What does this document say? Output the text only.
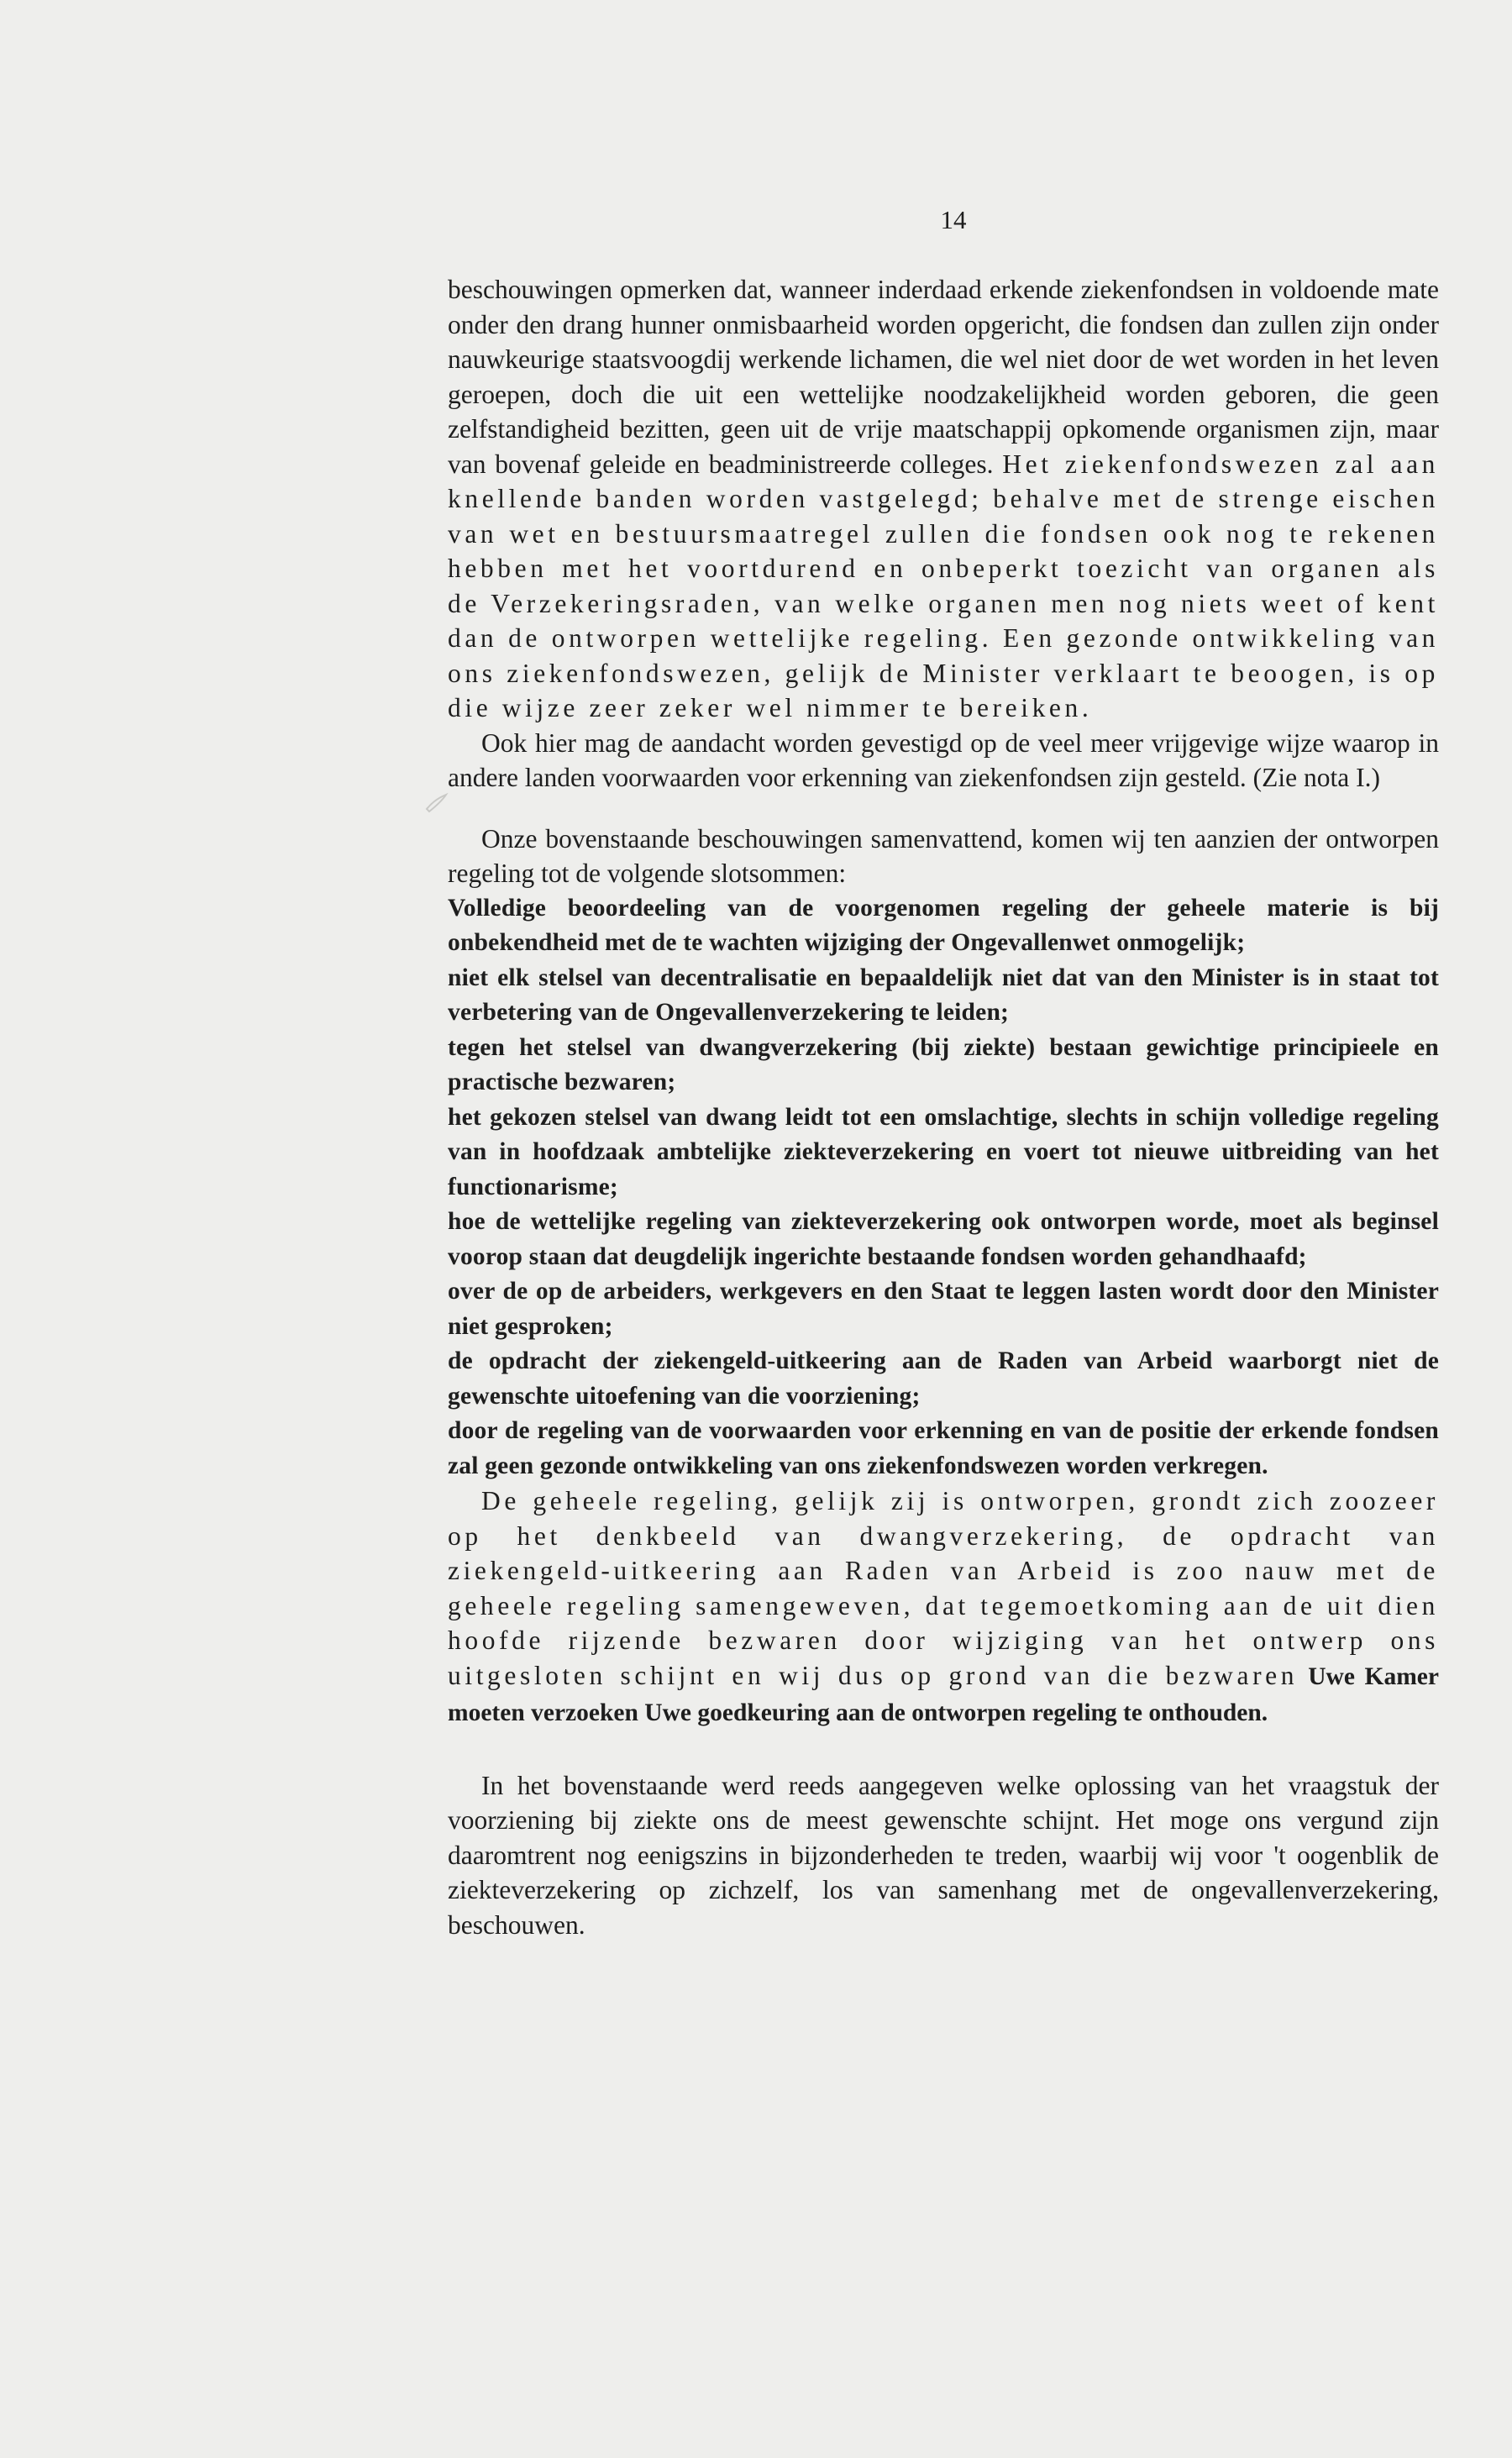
14

beschouwingen opmerken dat, wanneer inderdaad erkende ziekenfondsen in voldoende mate onder den drang hunner onmisbaarheid worden opgericht, die fondsen dan zullen zijn onder nauwkeurige staatsvoogdij werkende lichamen, die wel niet door de wet worden in het leven geroepen, doch die uit een wettelijke noodzakelijkheid worden geboren, die geen zelfstandigheid bezitten, geen uit de vrije maatschappij opkomende organismen zijn, maar van bovenaf geleide en beadministreerde colleges. Het ziekenfondswezen zal aan knellende banden worden vastgelegd; behalve met de strenge eischen van wet en bestuursmaatregel zullen die fondsen ook nog te rekenen hebben met het voortdurend en onbeperkt toezicht van organen als de Verzekeringsraden, van welke organen men nog niets weet of kent dan de ontworpen wettelijke regeling. Een gezonde ontwikkeling van ons ziekenfondswezen, gelijk de Minister verklaart te beoogen, is op die wijze zeer zeker wel nimmer te bereiken.

Ook hier mag de aandacht worden gevestigd op de veel meer vrijgevige wijze waarop in andere landen voorwaarden voor erkenning van ziekenfondsen zijn gesteld. (Zie nota I.)

Onze bovenstaande beschouwingen samenvattend, komen wij ten aanzien der ontworpen regeling tot de volgende slotsommen:

Volledige beoordeeling van de voorgenomen regeling der geheele materie is bij onbekendheid met de te wachten wijziging der Ongevallenwet onmogelijk;

niet elk stelsel van decentralisatie en bepaaldelijk niet dat van den Minister is in staat tot verbetering van de Ongevallenverzekering te leiden;

tegen het stelsel van dwangverzekering (bij ziekte) bestaan gewichtige principieele en practische bezwaren;

het gekozen stelsel van dwang leidt tot een omslachtige, slechts in schijn volledige regeling van in hoofdzaak ambtelijke ziekteverzekering en voert tot nieuwe uitbreiding van het functionarisme;

hoe de wettelijke regeling van ziekteverzekering ook ontworpen worde, moet als beginsel voorop staan dat deugdelijk ingerichte bestaande fondsen worden gehandhaafd;

over de op de arbeiders, werkgevers en den Staat te leggen lasten wordt door den Minister niet gesproken;

de opdracht der ziekengeld-uitkeering aan de Raden van Arbeid waarborgt niet de gewenschte uitoefening van die voorziening;

door de regeling van de voorwaarden voor erkenning en van de positie der erkende fondsen zal geen gezonde ontwikkeling van ons ziekenfondswezen worden verkregen.

De geheele regeling, gelijk zij is ontworpen, grondt zich zoozeer op het denkbeeld van dwangverzekering, de opdracht van ziekengeld-uitkeering aan Raden van Arbeid is zoo nauw met de geheele regeling samengeweven, dat tegemoetkoming aan de uit dien hoofde rijzende bezwaren door wijziging van het ontwerp ons uitgesloten schijnt en wij dus op grond van die bezwaren Uwe Kamer moeten verzoeken Uwe goedkeuring aan de ontworpen regeling te onthouden.

In het bovenstaande werd reeds aangegeven welke oplossing van het vraagstuk der voorziening bij ziekte ons de meest gewenschte schijnt. Het moge ons vergund zijn daaromtrent nog eenigszins in bijzonderheden te treden, waarbij wij voor 't oogenblik de ziekteverzekering op zichzelf, los van samenhang met de ongevallenverzekering, beschouwen.
